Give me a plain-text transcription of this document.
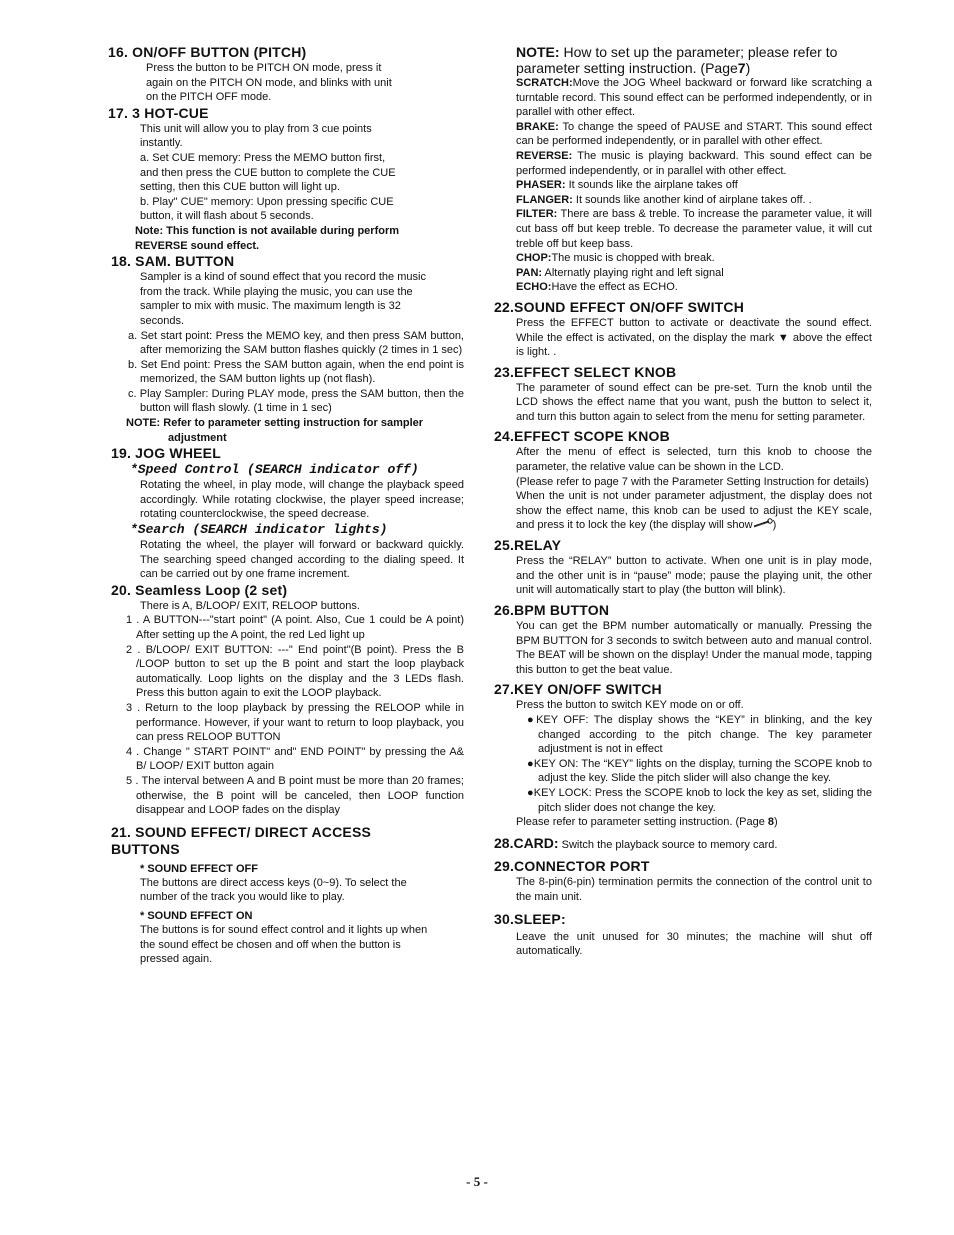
16. ON/OFF BUTTON (PITCH)
Press the button to be PITCH ON mode, press it
again on the PITCH ON mode, and blinks with unit
on the PITCH OFF mode.
17. 3 HOT-CUE
This unit will allow you to play from 3 cue points
instantly.
a. Set CUE memory: Press the MEMO button first,
and then press the CUE button to complete the CUE
setting, then this CUE button will light up.
b. Play" CUE" memory: Upon pressing specific CUE
button, it will flash about 5 seconds.
Note: This function is not available during perform
REVERSE sound effect.
18. SAM. BUTTON
Sampler is a kind of sound effect that you record the music
from the track. While playing the music, you can use the
sampler to mix with music. The maximum length is 32
seconds.
a. Set start point: Press the MEMO key, and then press SAM button, after memorizing the SAM button flashes quickly (2 times in 1 sec)
b. Set End point: Press the SAM button again, when the end point is memorized, the SAM button lights up (not flash).
c. Play Sampler: During PLAY mode, press the SAM button, then the button will flash slowly. (1 time in 1 sec)
NOTE: Refer to parameter setting instruction for sampler
adjustment
19. JOG WHEEL
*Speed Control (SEARCH indicator off)
Rotating the wheel, in play mode, will change the playback speed accordingly. While rotating clockwise, the player speed increase; rotating counterclockwise, the speed decrease.
*Search (SEARCH indicator lights)
Rotating the wheel, the player will forward or backward quickly. The searching speed changed according to the dialing speed. It can be carried out by one frame increment.
20. Seamless Loop (2 set)
There is A, B/LOOP/ EXIT, RELOOP buttons.
1 . A BUTTON---"start point" (A point. Also, Cue 1 could be A point) After setting up the A point, the red Led light up
2 . B/LOOP/ EXIT BUTTON: ---" End point"(B point). Press the B /LOOP button to set up the B point and start the loop playback automatically. Loop lights on the display and the 3 LEDs flash. Press this button again to exit the LOOP playback.
3 . Return to the loop playback by pressing the RELOOP while in performance. However, if your want to return to loop playback, you can press RELOOP BUTTON
4 . Change " START POINT" and" END POINT" by pressing the A& B/ LOOP/ EXIT button again
5 . The interval between A and B point must be more than 20 frames; otherwise, the B point will be canceled, then LOOP function disappear and LOOP fades on the display
21. SOUND EFFECT/ DIRECT ACCESS
BUTTONS
* SOUND EFFECT OFF
The buttons are direct access keys (0~9). To select the
number of the track you would like to play.
* SOUND EFFECT ON
The buttons is for sound effect control and it lights up when
the sound effect be chosen and off when the button is
pressed again.
NOTE: How to set up the parameter; please refer to parameter setting instruction. (Page7)
SCRATCH:Move the JOG Wheel backward or forward like scratching a turntable record. This sound effect can be performed independently, or in parallel with other effect.
BRAKE: To change the speed of PAUSE and START. This sound effect can be performed independently, or in parallel with other effect.
REVERSE: The music is playing backward. This sound effect can be performed independently, or in parallel with other effect.
PHASER: It sounds like the airplane takes off
FLANGER: It sounds like another kind of airplane takes off. .
FILTER: There are bass & treble. To increase the parameter value, it will cut bass off but keep treble. To decrease the parameter value, it will cut treble off but keep bass.
CHOP:The music is chopped with break.
PAN: Alternatly playing right and left signal
ECHO:Have the effect as ECHO.
22.SOUND EFFECT ON/OFF SWITCH
Press the EFFECT button to activate or deactivate the sound effect. While the effect is activated, on the display the mark ▼ above the effect is light. .
23.EFFECT SELECT KNOB
The parameter of sound effect can be pre-set. Turn the knob until the LCD shows the effect name that you want, push the button to select it, and turn this button again to select from the menu for setting parameter.
24.EFFECT SCOPE KNOB
After the menu of effect is selected, turn this knob to choose the parameter, the relative value can be shown in the LCD.
(Please refer to page 7 with the Parameter Setting Instruction for details)
When the unit is not under parameter adjustment, the display does not show the effect name, this knob can be used to adjust the KEY scale, and press it to lock the key (the display will show )
25.RELAY
Press the “RELAY” button to activate. When one unit is in play mode, and the other unit is in “pause” mode; pause the playing unit, the other unit will automatically start to play (the button will blink).
26.BPM BUTTON
You can get the BPM number automatically or manually. Pressing the BPM BUTTON for 3 seconds to switch between auto and manual control. The BEAT will be shown on the display! Under the manual mode, tapping this button to get the beat value.
27.KEY ON/OFF SWITCH
Press the button to switch KEY mode on or off.
●KEY OFF: The display shows the “KEY” in blinking, and the key changed according to the pitch change. The key parameter adjustment is not in effect
●KEY ON: The “KEY” lights on the display, turning the SCOPE knob to adjust the key. Slide the pitch slider will also change the key.
●KEY LOCK: Press the SCOPE knob to lock the key as set, sliding the pitch slider does not change the key.
Please refer to parameter setting instruction. (Page 8)
28.CARD: Switch the playback source to memory card.
29.CONNECTOR PORT
The 8-pin(6-pin) termination permits the connection of the control unit to the main unit.
30.SLEEP:
Leave the unit unused for 30 minutes; the machine will shut off automatically.
- 5 -
